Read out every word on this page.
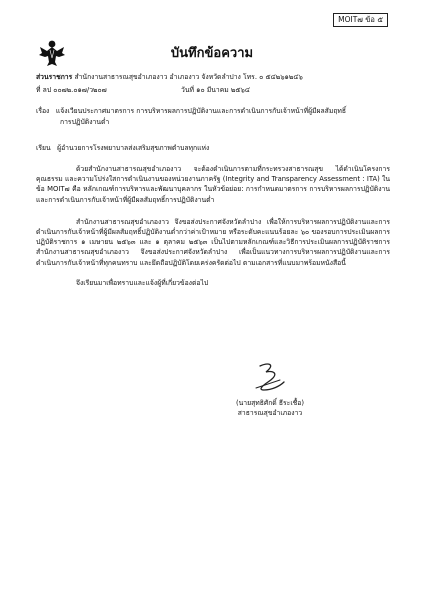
MOIT๗ ข้อ ๕
บันทึกข้อความ
ส่วนราชการ สำนักงานสาธารณสุขอำเภองาว อำเภองาว จังหวัดลำปาง โทร. ๐ ๕๔๒๖๑๒๔๖
ที่ ลป ๐๐๗๒.๐๑๗/ว๒๐๗	วันที่ ๑๐ มีนาคม ๒๕๖๔
เรื่อง แจ้งเวียนประกาศมาตรการ การบริหารผลการปฏิบัติงานและการดำเนินการกับเจ้าหน้าที่ผู้มีผลสัมฤทธิ์
การปฏิบัติงานต่ำ
เรียน ผู้อำนวยการโรงพยาบาลส่งเสริมสุขภาพตำบลทุกแห่ง

ด้วยสำนักงานสาธารณสุขอำเภองาว จะต้องดำเนินการตามที่กระทรวงสาธารณสุข ได้ดำเนินโครงการคุณธรรม และความโปร่งใสการดำเนินงานของหน่วยงานภาครัฐ (Integrity and Transparency Assessment : ITA) ในข้อ MOIT๗ คือ หลักเกณฑ์การบริหารและพัฒนาบุคลากร ในหัวข้อย่อย: การกำหนดมาตรการ การบริหารผลการปฏิบัติงานและการดำเนินการกับเจ้าหน้าที่ผู้มีผลสัมฤทธิ์การปฏิบัติงานต่ำ

สำนักงานสาธารณสุขอำเภองาว จึงขอส่งประกาศจังหวัดลำปาง เพื่อให้การบริหารผลการปฏิบัติงานและการดำเนินการกับเจ้าหน้าที่ผู้มีผลสัมฤทธิ์ปฏิบัติงานต่ำกว่าค่าเป้าหมาย หรือระดับคะแนนร้อยละ ๖๐ ของรอบการประเมินผลการปฏิบัติราชการ ๑ เมษายน ๒๕๖๓ และ ๑ ตุลาคม ๒๕๖๓ เป็นไปตามหลักเกณฑ์และวิธีการประเมินผลการปฏิบัติราชการ สำนักงานสาธารณสุขอำเภองาว จึงขอส่งประกาศจังหวัดลำปาง เพื่อเป็นแนวทางการบริหารผลการปฏิบัติงานและการดำเนินการกับเจ้าหน้าที่ทุกคนทราบ และยึดถือปฏิบัติโดยเคร่งครัดต่อไป ตามเอกสารที่แนบมาพร้อมหนังสือนี้

จึงเรียนมาเพื่อทราบและแจ้งผู้ที่เกี่ยวข้องต่อไป

(นายสุทธิศักดิ์ ธีระเชื้อ)
สาธารณสุขอำเภองาว
